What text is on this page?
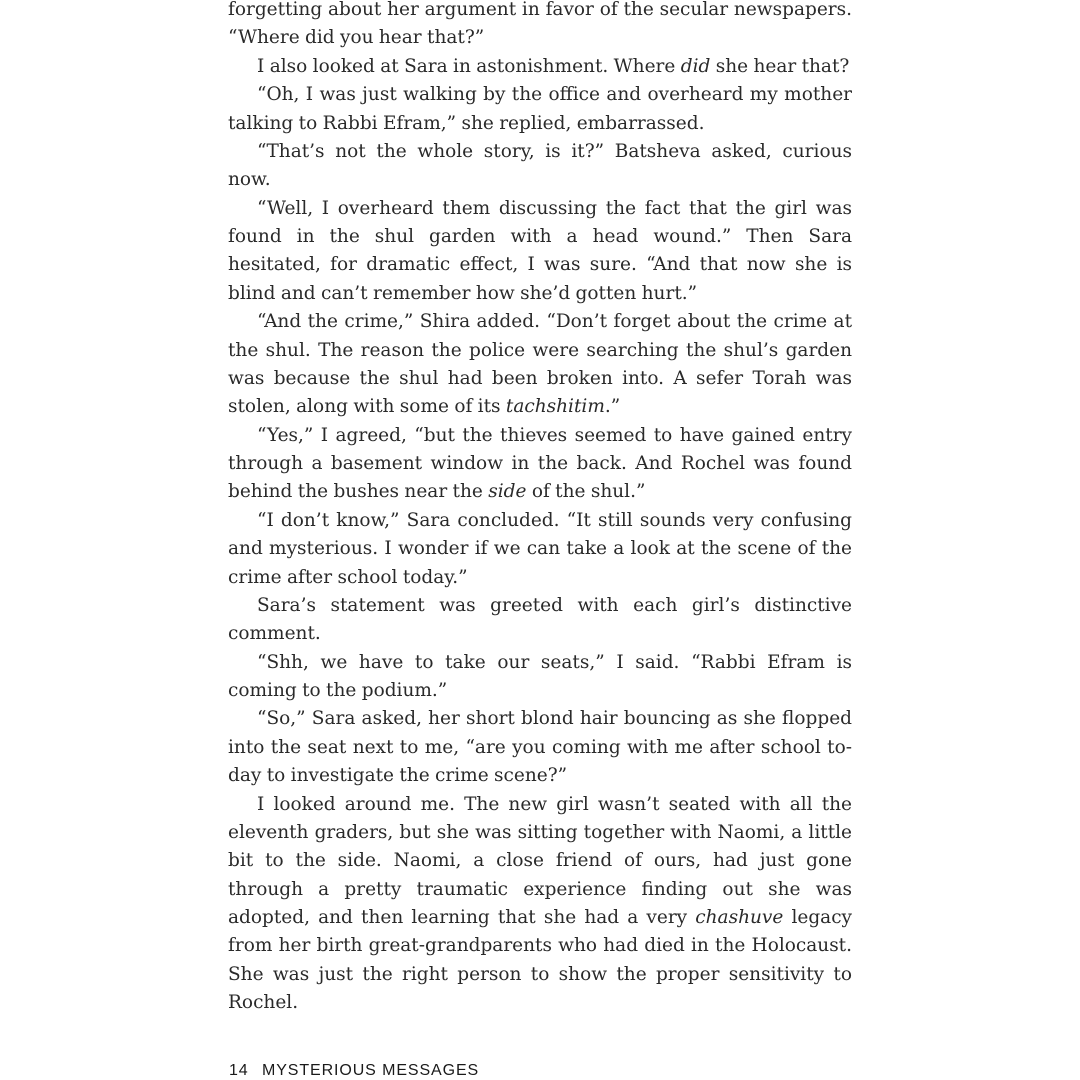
forgetting about her argument in favor of the secular newspapers. “Where did you hear that?”

I also looked at Sara in astonishment. Where did she hear that?

“Oh, I was just walking by the office and overheard my mother talking to Rabbi Efram,” she replied, embarrassed.

“That’s not the whole story, is it?” Batsheva asked, curious now.

“Well, I overheard them discussing the fact that the girl was found in the shul garden with a head wound.” Then Sara hesitated, for dramatic effect, I was sure. “And that now she is blind and can’t remember how she’d gotten hurt.”

“And the crime,” Shira added. “Don’t forget about the crime at the shul. The reason the police were searching the shul’s garden was because the shul had been broken into. A sefer Torah was stolen, along with some of its tachshitim.”

“Yes,” I agreed, “but the thieves seemed to have gained entry through a basement window in the back. And Rochel was found behind the bushes near the side of the shul.”

“I don’t know,” Sara concluded. “It still sounds very confusing and mysterious. I wonder if we can take a look at the scene of the crime after school today.”

Sara’s statement was greeted with each girl’s distinctive comment.

“Shh, we have to take our seats,” I said. “Rabbi Efram is coming to the podium.”

“So,” Sara asked, her short blond hair bouncing as she flopped into the seat next to me, “are you coming with me after school today to investigate the crime scene?”

I looked around me. The new girl wasn’t seated with all the eleventh graders, but she was sitting together with Naomi, a little bit to the side. Naomi, a close friend of ours, had just gone through a pretty traumatic experience finding out she was adopted, and then learning that she had a very chashuve legacy from her birth great-grandparents who had died in the Holocaust. She was just the right person to show the proper sensitivity to Rochel.

14 MYSTERIOUS MESSAGES
